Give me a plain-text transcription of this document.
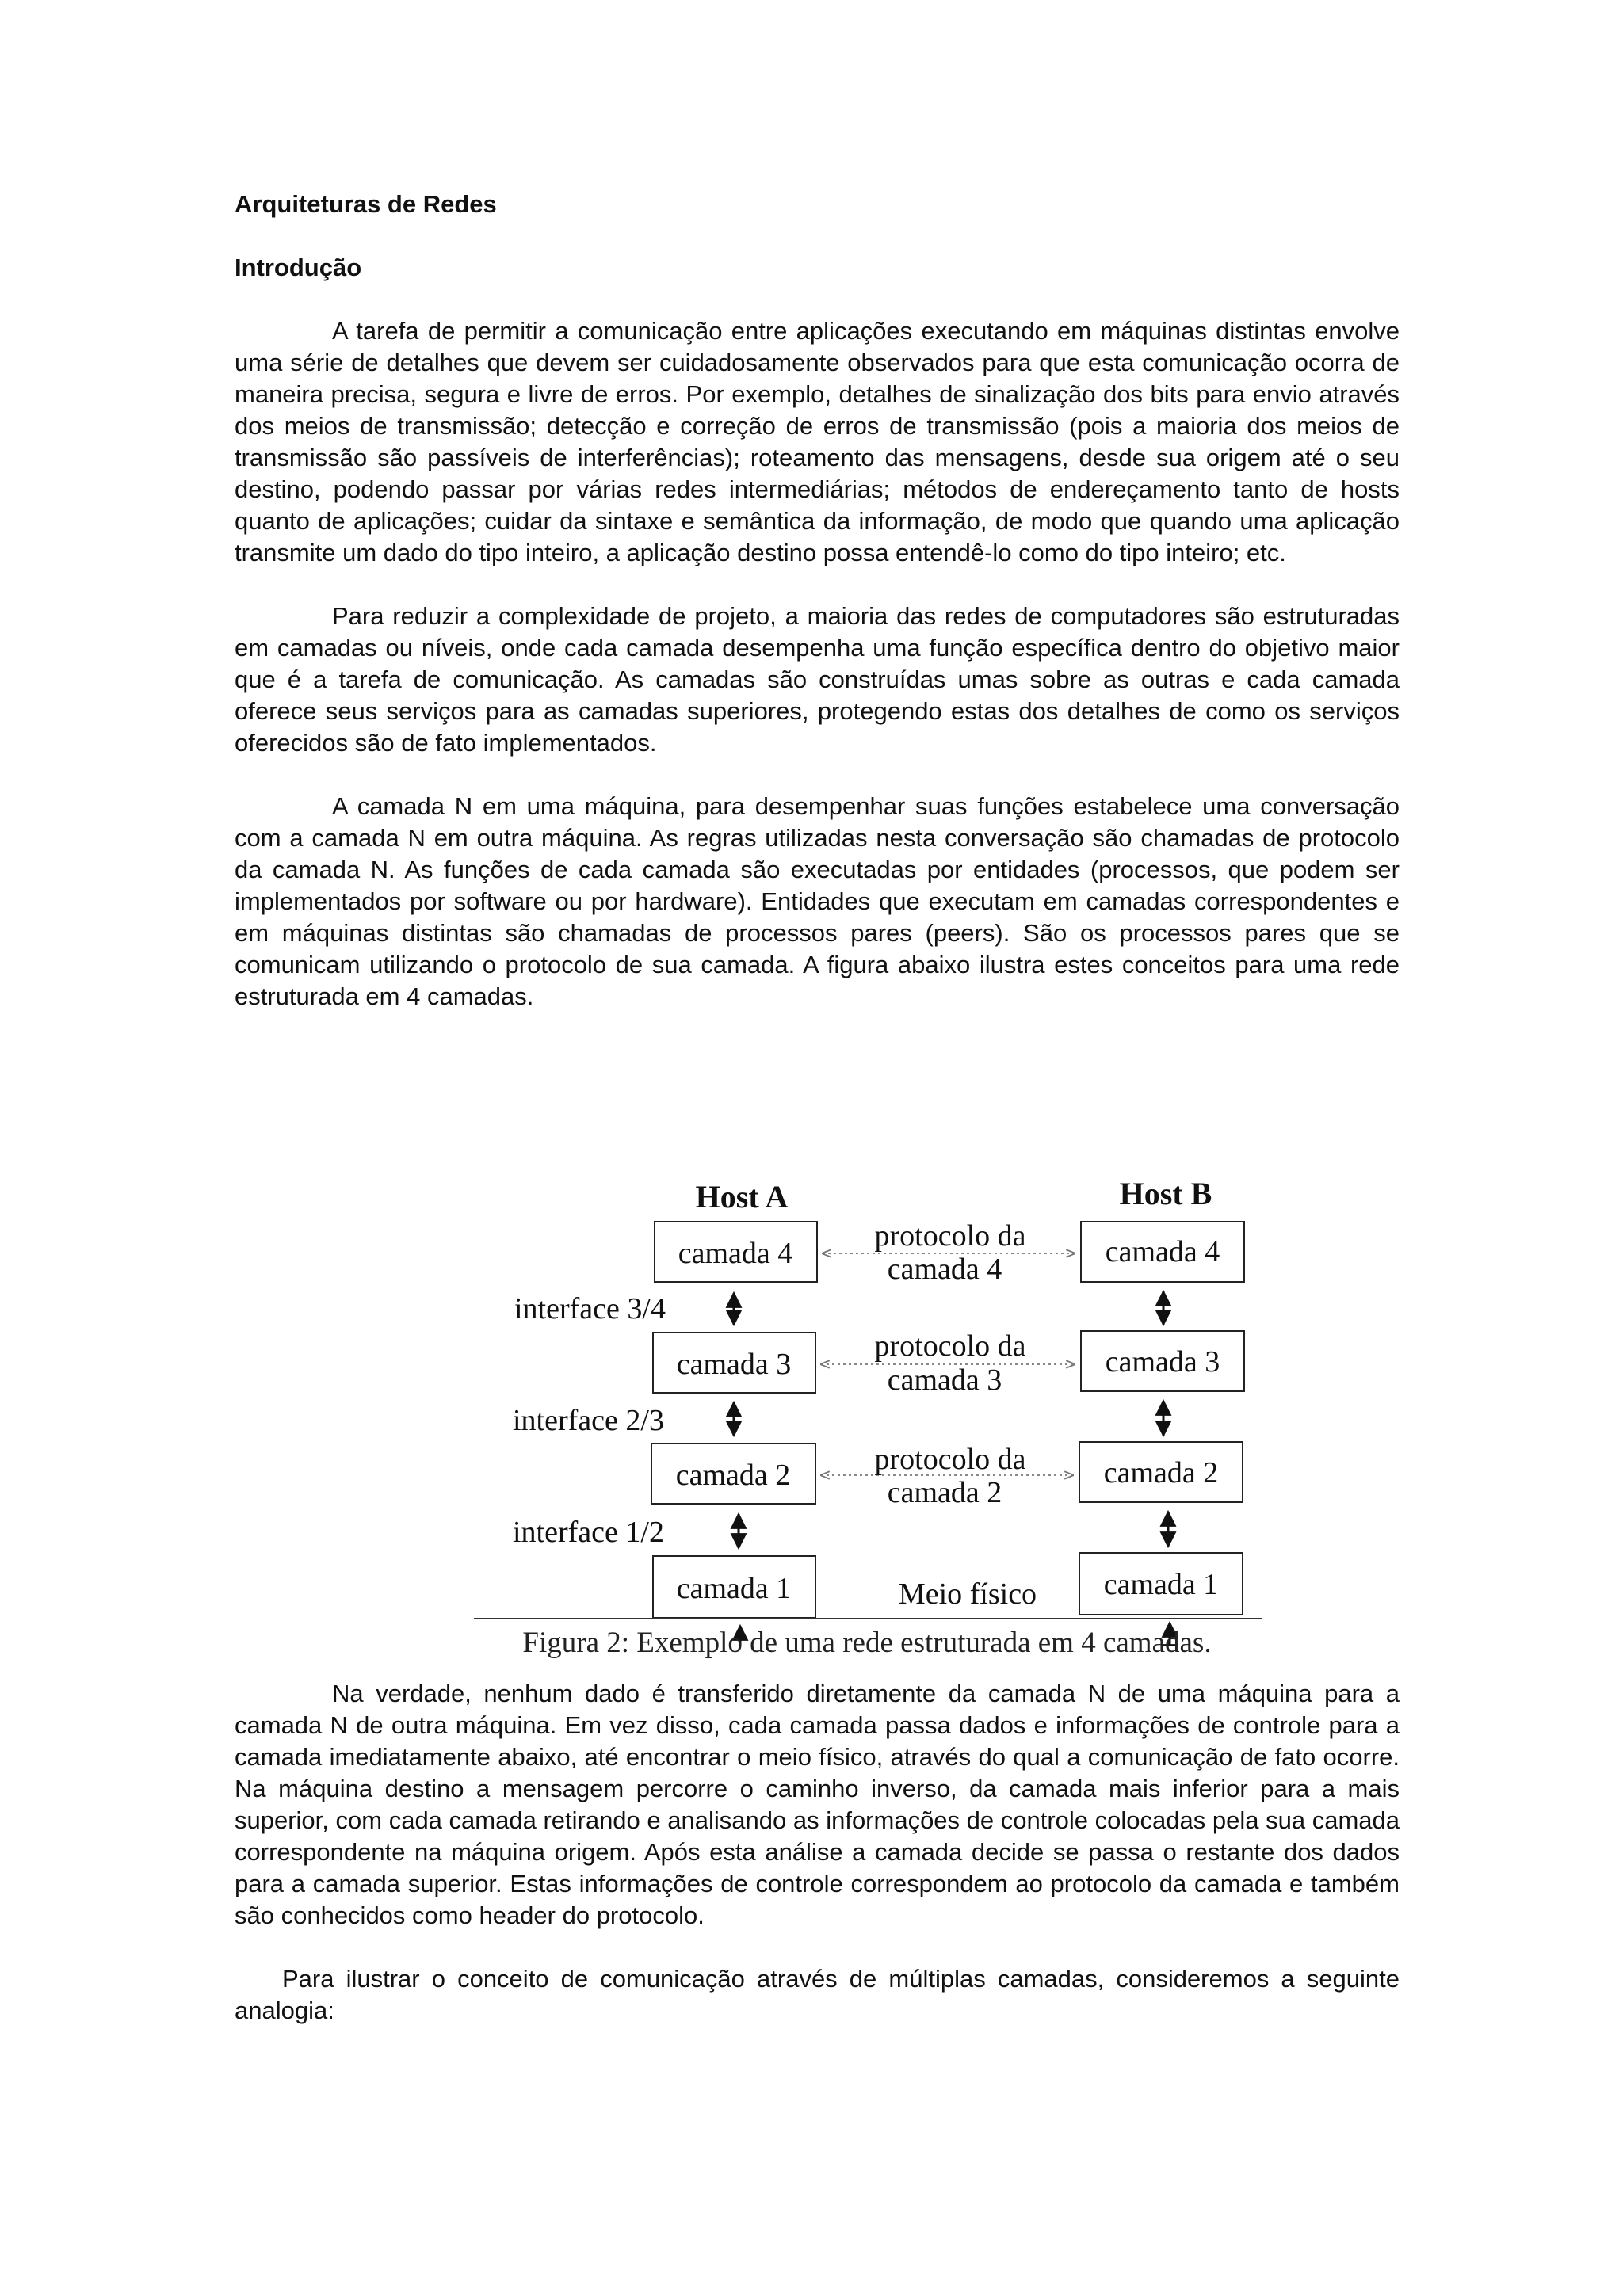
Arquiteturas de Redes

Introdução

A tarefa de permitir a comunicação entre aplicações executando em máquinas distintas envolve uma série de detalhes que devem ser cuidadosamente observados para que esta comunicação ocorra de maneira precisa, segura e livre de erros. Por exemplo, detalhes de sinalização dos bits para envio através dos meios de transmissão; detecção e correção de erros de transmissão (pois a maioria dos meios de transmissão são passíveis de interferências); roteamento das mensagens, desde sua origem até o seu destino, podendo passar por várias redes intermediárias; métodos de endereçamento tanto de hosts quanto de aplicações; cuidar da sintaxe e semântica da informação, de modo que quando uma aplicação transmite um dado do tipo inteiro, a aplicação destino possa entendê-lo como do tipo inteiro; etc.

Para reduzir a complexidade de projeto, a maioria das redes de computadores são estruturadas em camadas ou níveis, onde cada camada desempenha uma função específica dentro do objetivo maior que é a tarefa de comunicação. As camadas são construídas umas sobre as outras e cada camada oferece seus serviços para as camadas superiores, protegendo estas dos detalhes de como os serviços oferecidos são de fato implementados.

A camada N em uma máquina, para desempenhar suas funções estabelece uma conversação com a camada N em outra máquina. As regras utilizadas nesta conversação são chamadas de protocolo da camada N. As funções de cada camada são executadas por entidades (processos, que podem ser implementados por software ou por hardware). Entidades que executam em camadas correspondentes e em máquinas distintas são chamadas de processos pares (peers). São os processos pares que se comunicam utilizando o protocolo de sua camada. A figura abaixo ilustra estes conceitos para uma rede estruturada em 4 camadas.

Host A	Host B
camada 4
camada 3
camada 2
camada 1
camada 4
camada 3
camada 2
camada 1
protocolo da
camada 4
protocolo da
camada 3
protocolo da
camada 2
interface 3/4
interface 2/3
interface 1/2

Na verdade, nenhum dado é transferido diretamente da camada N de uma máquina para a camada N de outra máquina. Em vez disso, cada camada passa dados e informações de controle para a camada imediatamente abaixo, até encontrar o meio físico, através do qual a comunicação de fato ocorre. Na máquina destino a mensagem percorre o caminho inverso, da camada mais inferior para a mais superior, com cada camada retirando e analisando as informações de controle colocadas pela sua camada correspondente na máquina origem. Após esta análise a camada decide se passa o restante dos dados para a camada superior. Estas informações de controle correspondem ao protocolo da camada e também são conhecidos como header do protocolo.

Para ilustrar o conceito de comunicação através de múltiplas camadas, consideremos a seguinte analogia:

Meio físico
Figura 2: Exemplo de uma rede estruturada em 4 camadas.
